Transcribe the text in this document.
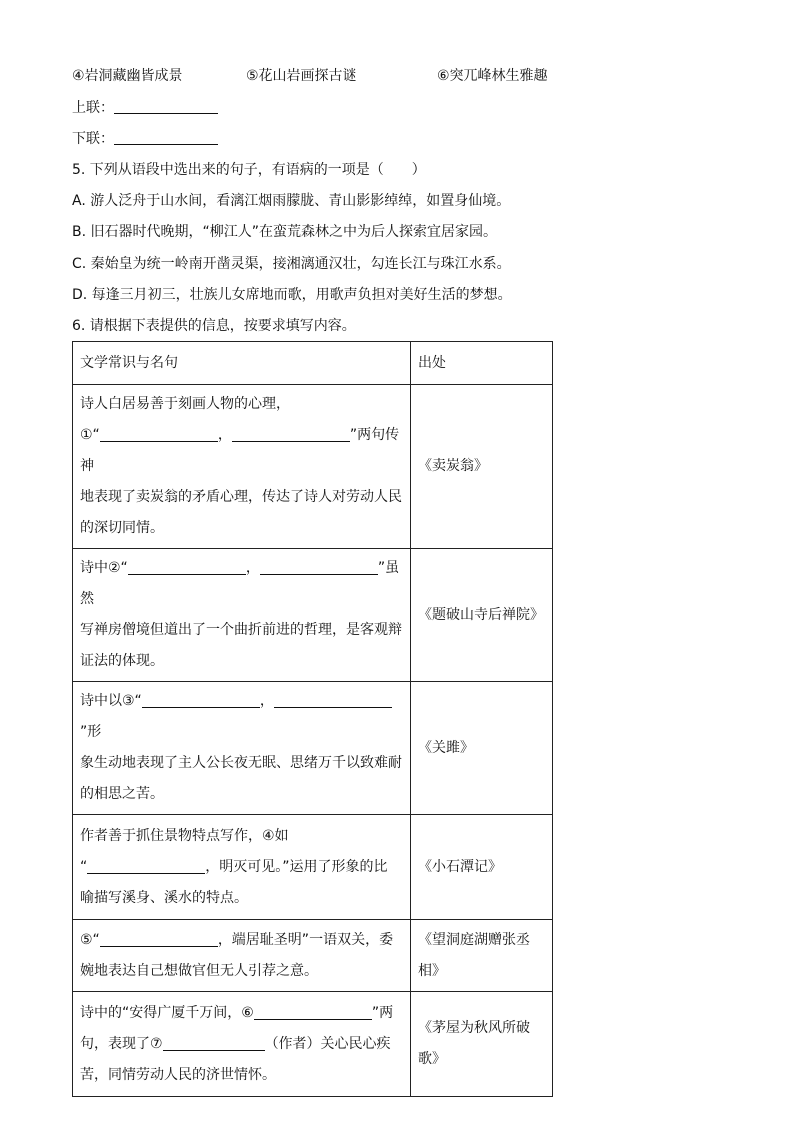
④岩洞藏幽皆成景	⑤花山岩画探古谜	⑥突兀峰林生雅趣
上联：
下联：
5. 下列从语段中选出来的句子，有语病的一项是（　　）
A. 游人泛舟于山水间，看漓江烟雨朦胧、青山影影绰绰，如置身仙境。
B. 旧石器时代晚期，“柳江人”在蛮荒森林之中为后人探索宜居家园。
C. 秦始皇为统一岭南开凿灵渠，接湘漓通汉壮，勾连长江与珠江水系。
D. 每逢三月初三，壮族儿女席地而歌，用歌声负担对美好生活的梦想。
6. 请根据下表提供的信息，按要求填写内容。
文学常识与名句	出处
诗人白居易善于刻画人物的心理，
①“ ， ”两句传神
地表现了卖炭翁的矛盾心理，传达了诗人对劳动人民
的深切同情。	《卖炭翁》
诗中②“ ， ”虽然
写禅房僧境但道出了一个曲折前进的哲理，是客观辩
证法的体现。	《题破山寺后禅院》
诗中以③“ ，”形
象生动地表现了主人公长夜无眠、思绪万千以致难耐
的相思之苦。	《关雎》
作者善于抓住景物特点写作，④如
“ ，明灭可见。”运用了形象的比
喻描写溪身、溪水的特点。	《小石潭记》
⑤“ ，端居耻圣明”一语双关，委
婉地表达自己想做官但无人引荐之意。	《望洞庭湖赠张丞
相》
诗中的“安得广厦千万间，⑥ ”两
句，表现了⑦ （作者）关心民心疾
苦，同情劳动人民的济世情怀。	《茅屋为秋风所破
歌》
